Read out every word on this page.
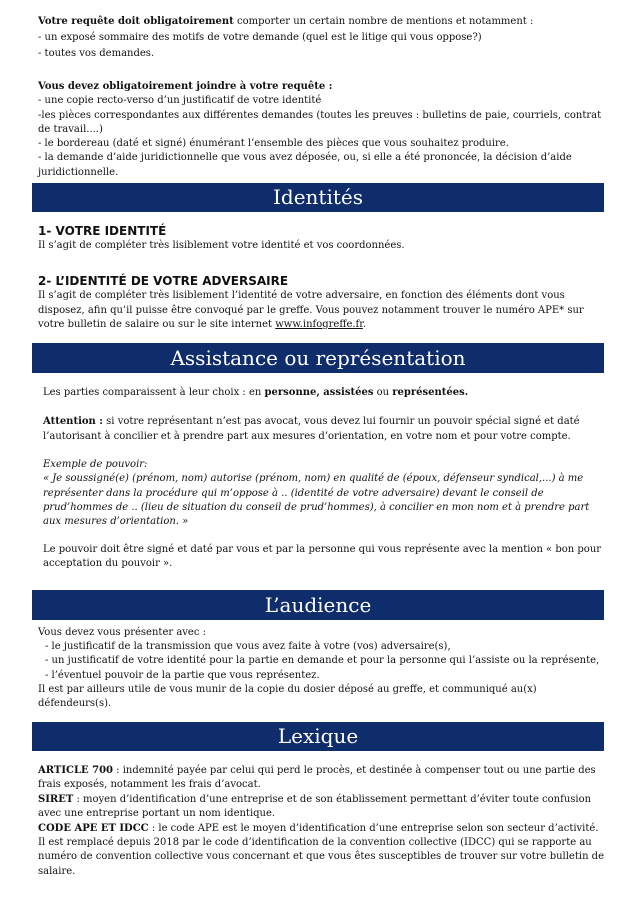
Votre requête doit obligatoirement comporter un certain nombre de mentions et notamment :

- un exposé sommaire des motifs de votre demande (quel est le litige qui vous oppose?)

- toutes vos demandes.

Vous devez obligatoirement joindre à votre requête :

- une copie recto-verso d’un justificatif de votre identité

-les pièces correspondantes aux différentes demandes (toutes les preuves : bulletins de paie, courriels, contrat de travail....)

- le bordereau (daté et signé) énumérant l’ensemble des pièces que vous souhaitez produire.

- la demande d’aide juridictionnelle que vous avez déposée, ou, si elle a été prononcée, la décision d’aide juridictionnelle.

Identités
1- VOTRE IDENTITÉ

Il s’agit de compléter très lisiblement votre identité et vos coordonnées.

2- L’IDENTITÉ DE VOTRE ADVERSAIRE

Il s’agit de compléter très lisiblement l’identité de votre adversaire, en fonction des éléments dont vous disposez, afin qu’il puisse être convoqué par le greffe. Vous pouvez notamment trouver le numéro APE* sur votre bulletin de salaire ou sur le site internet www.infogreffe.fr.

Assistance ou représentation

Les parties comparaissent à leur choix : en personne, assistées ou représentées.

Attention : si votre représentant n’est pas avocat, vous devez lui fournir un pouvoir spécial signé et daté l’autorisant à concilier et à prendre part aux mesures d’orientation, en votre nom et pour votre compte.

Exemple de pouvoir:

« Je soussigné(e) (prénom, nom) autorise (prénom, nom) en qualité de (époux, défenseur syndical,...) à me représenter dans la procédure qui m’oppose à .. (identité de votre adversaire) devant le conseil de prud’hommes de .. (lieu de situation du conseil de prud’hommes), à concilier en mon nom et à prendre part aux mesures d’orientation. »

Le pouvoir doit être signé et daté par vous et par la personne qui vous représente avec la mention « bon pour acceptation du pouvoir ».

L’audience

Vous devez vous présenter avec :

- le justificatif de la transmission que vous avez faite à votre (vos) adversaire(s),

- un justificatif de votre identité pour la partie en demande et pour la personne qui l’assiste ou la représente,

- l’éventuel pouvoir de la partie que vous représentez.

Il est par ailleurs utile de vous munir de la copie du dosier déposé au greffe, et communiqué au(x) défendeurs(s).

Lexique

ARTICLE 700 : indemnité payée par celui qui perd le procès, et destinée à compenser tout ou une partie des frais exposés, notamment les frais d’avocat.

SIRET : moyen d’identification d’une entreprise et de son établissement permettant d’éviter toute confusion avec une entreprise portant un nom identique.

CODE APE ET IDCC : le code APE est le moyen d’identification d’une entreprise selon son secteur d’activité. Il est remplacé depuis 2018 par le code d’identification de la convention collective (IDCC) qui se rapporte au numéro de convention collective vous concernant et que vous êtes susceptibles de trouver sur votre bulletin de salaire.
